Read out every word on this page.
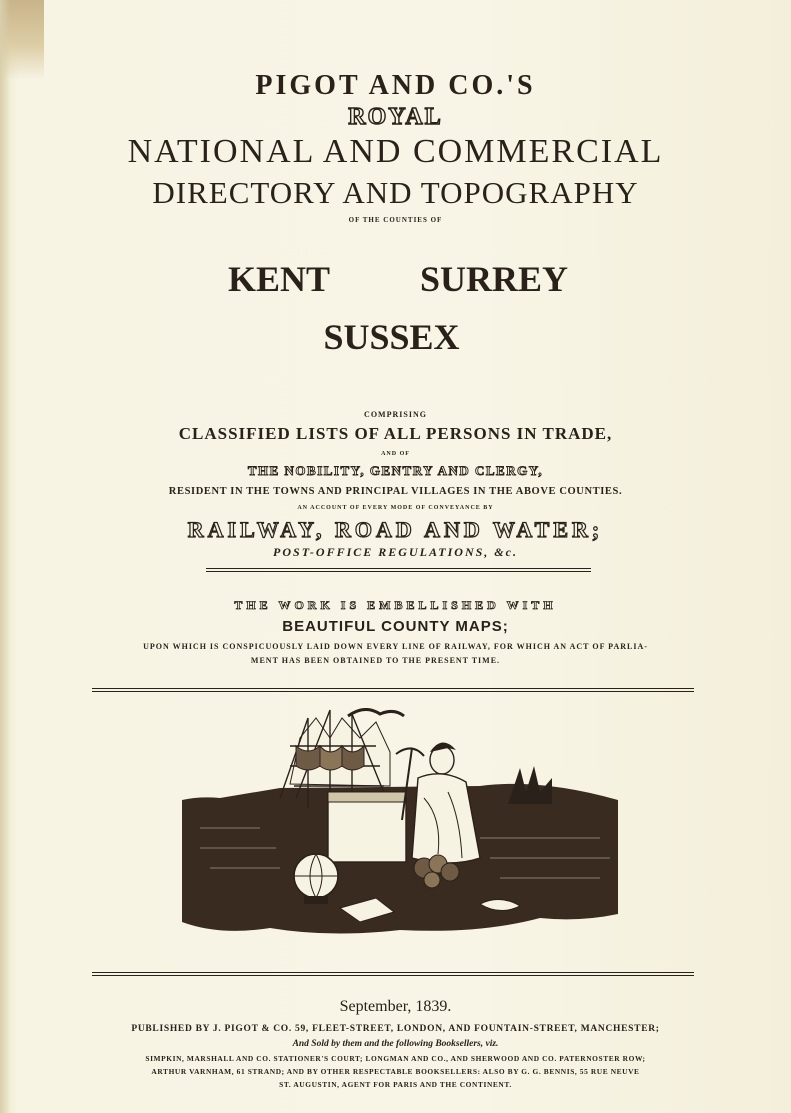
PIGOT AND CO.'S
ROYAL
NATIONAL AND COMMERCIAL
DIRECTORY AND TOPOGRAPHY
OF THE COUNTIES OF
KENT SURREY
SUSSEX
COMPRISING
CLASSIFIED LISTS OF ALL PERSONS IN TRADE,
AND OF
THE NOBILITY, GENTRY AND CLERGY,
RESIDENT IN THE TOWNS AND PRINCIPAL VILLAGES IN THE ABOVE COUNTIES.
AN ACCOUNT OF EVERY MODE OF CONVEYANCE BY
RAILWAY, ROAD AND WATER;
POST-OFFICE REGULATIONS, &c.
THE WORK IS EMBELLISHED WITH
BEAUTIFUL COUNTY MAPS;
UPON WHICH IS CONSPICUOUSLY LAID DOWN EVERY LINE OF RAILWAY, FOR WHICH AN ACT OF PARLIA-
MENT HAS BEEN OBTAINED TO THE PRESENT TIME.
September, 1839.
PUBLISHED BY J. PIGOT & CO. 59, FLEET-STREET, LONDON, AND FOUNTAIN-STREET, MANCHESTER;
And Sold by them and the following Booksellers, viz.
SIMPKIN, MARSHALL AND CO. STATIONER'S COURT; LONGMAN AND CO., AND SHERWOOD AND CO. PATERNOSTER ROW;
ARTHUR VARNHAM, 61 STRAND; AND BY OTHER RESPECTABLE BOOKSELLERS: ALSO BY G. G. BENNIS, 55 RUE NEUVE
ST. AUGUSTIN, AGENT FOR PARIS AND THE CONTINENT.
